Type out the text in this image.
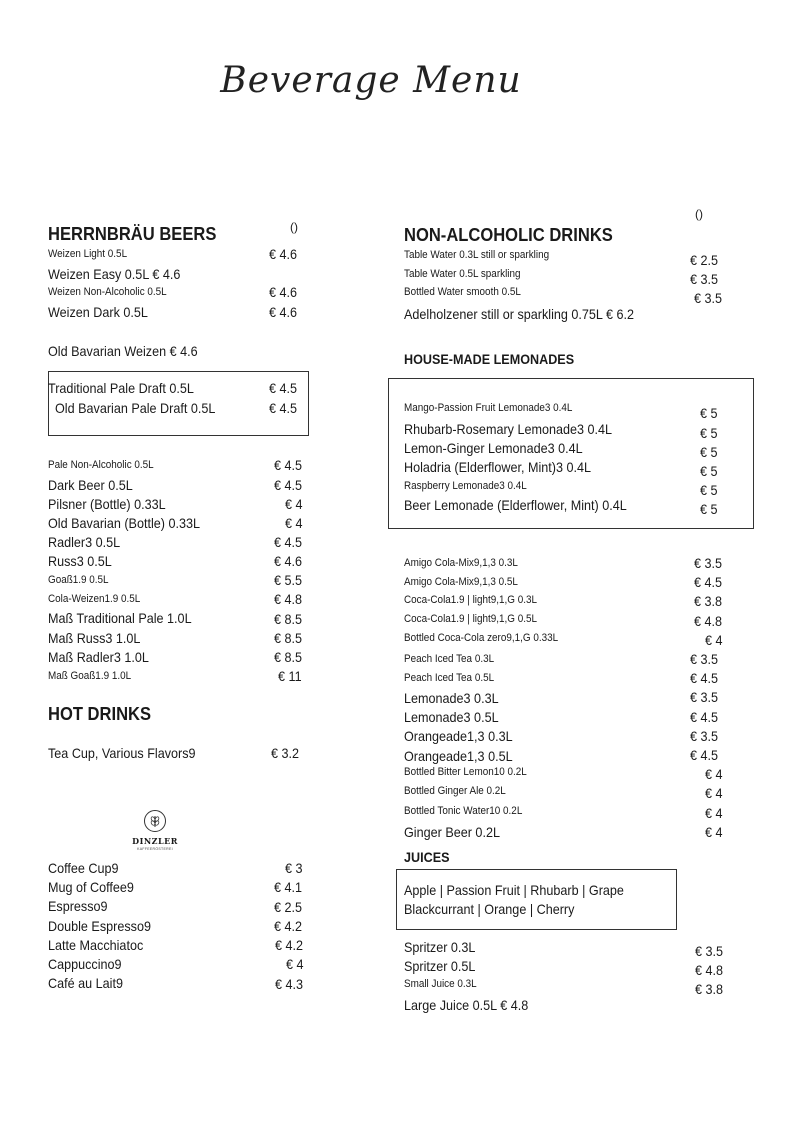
Beverage Menu
HERRNBRÄU BEERS	()
Weizen Light 0.5L	€ 4.6
Weizen Easy 0.5L € 4.6
Weizen Non-Alcoholic 0.5L	€ 4.6
Weizen Dark 0.5L	€ 4.6
Old Bavarian Weizen € 4.6
Traditional Pale Draft 0.5L	€ 4.5
Old Bavarian Pale Draft 0.5L	€ 4.5
Pale Non-Alcoholic 0.5L	€ 4.5
Dark Beer 0.5L	€ 4.5
Pilsner (Bottle) 0.33L	€ 4
Old Bavarian (Bottle) 0.33L	€ 4
Radler3 0.5L	€ 4.5
Russ3 0.5L	€ 4.6
Goaß1.9 0.5L	€ 5.5
Cola-Weizen1.9 0.5L	€ 4.8
Maß Traditional Pale 1.0L	€ 8.5
Maß Russ3 1.0L	€ 8.5
Maß Radler3 1.0L	€ 8.5
Maß Goaß1.9 1.0L	€ 11
HOT DRINKS
Tea Cup, Various Flavors9	€ 3.2
DINZLER
KAFFEERÖSTEREI
Coffee Cup9	€ 3
Mug of Coffee9	€ 4.1
Espresso9	€ 2.5
Double Espresso9	€ 4.2
Latte Macchiatoc	€ 4.2
Cappuccino9	€ 4
Café au Lait9	€ 4.3
()
NON-ALCOHOLIC DRINKS
Table Water 0.3L still or sparkling	€ 2.5
Table Water 0.5L sparkling	€ 3.5
Bottled Water smooth 0.5L	€ 3.5
Adelholzener still or sparkling 0.75L € 6.2
HOUSE-MADE LEMONADES
Mango-Passion Fruit Lemonade3 0.4L	€ 5
Rhubarb-Rosemary Lemonade3 0.4L	€ 5
Lemon-Ginger Lemonade3 0.4L	€ 5
Holadria (Elderflower, Mint)3 0.4L	€ 5
Raspberry Lemonade3 0.4L	€ 5
Beer Lemonade (Elderflower, Mint) 0.4L	€ 5
Amigo Cola-Mix9,1,3 0.3L	€ 3.5
Amigo Cola-Mix9,1,3 0.5L	€ 4.5
Coca-Cola1.9 | light9,1,G 0.3L	€ 3.8
Coca-Cola1.9 | light9,1,G 0.5L	€ 4.8
Bottled Coca-Cola zero9,1,G 0.33L	€ 4
Peach Iced Tea 0.3L	€ 3.5
Peach Iced Tea 0.5L	€ 4.5
Lemonade3 0.3L	€ 3.5
Lemonade3 0.5L	€ 4.5
Orangeade1,3 0.3L	€ 3.5
Orangeade1,3 0.5L	€ 4.5
Bottled Bitter Lemon10 0.2L	€ 4
Bottled Ginger Ale 0.2L	€ 4
Bottled Tonic Water10 0.2L	€ 4
Ginger Beer 0.2L	€ 4
JUICES
Apple | Passion Fruit | Rhubarb | Grape
Blackcurrant | Orange | Cherry
Spritzer 0.3L	€ 3.5
Spritzer 0.5L	€ 4.8
Small Juice 0.3L	€ 3.8
Large Juice 0.5L € 4.8
